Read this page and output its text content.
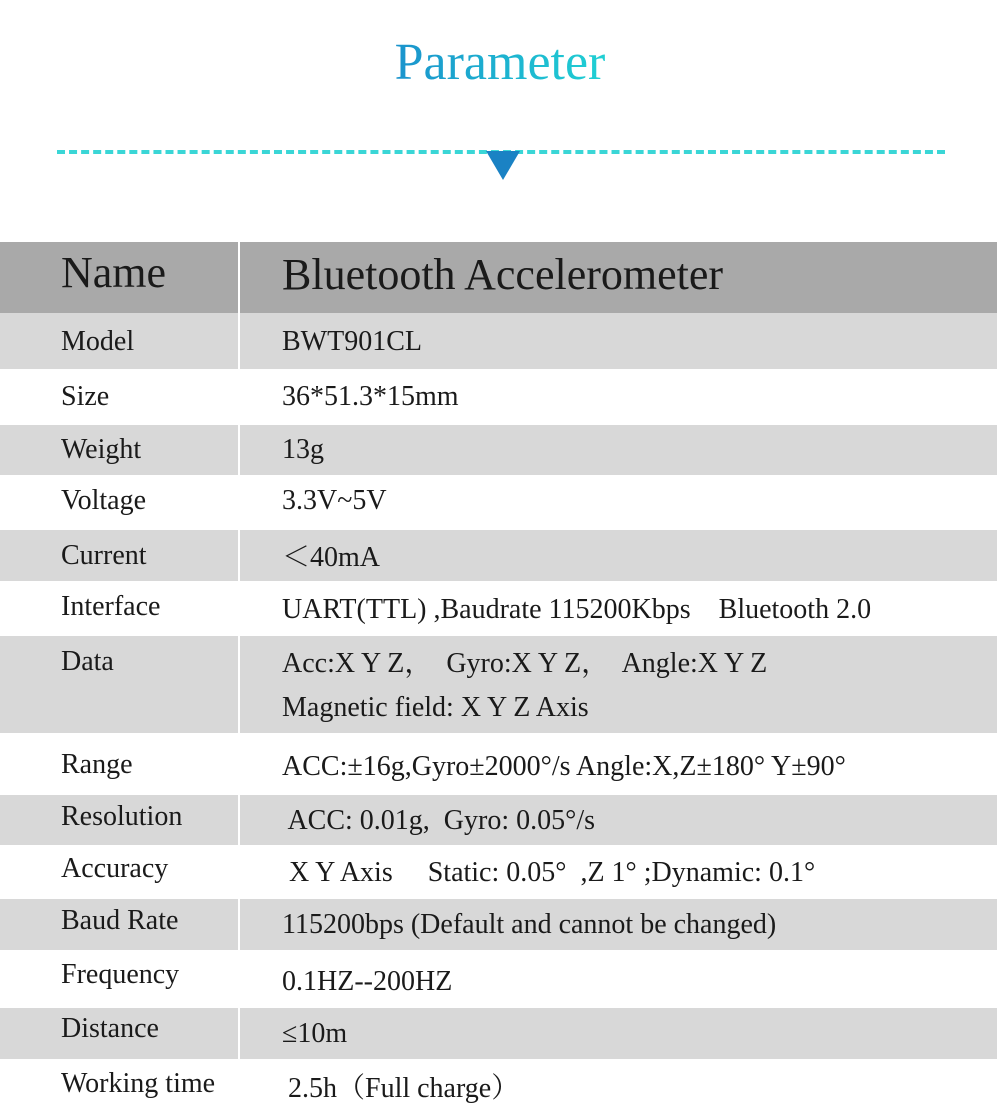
Parameter
Name	Bluetooth Accelerometer
Model	BWT901CL
Size	36*51.3*15mm
Weight	13g
Voltage	3.3V~5V
Current	＜40mA
Interface	UART(TTL) ,Baudrate 115200Kbps    Bluetooth 2.0
Data	Acc:X Y Z，  Gyro:X Y Z，  Angle:X Y Z
Magnetic field: X Y Z Axis
Range	ACC:±16g,Gyro±2000°/s Angle:X,Z±180° Y±90°
Resolution	ACC: 0.01g,  Gyro: 0.05°/s
Accuracy	X Y Axis     Static: 0.05°  ,Z 1° ;Dynamic: 0.1°
Baud Rate	115200bps (Default and cannot be changed)
Frequency	0.1HZ--200HZ
Distance	≤10m
Working time	2.5h（Full charge）
